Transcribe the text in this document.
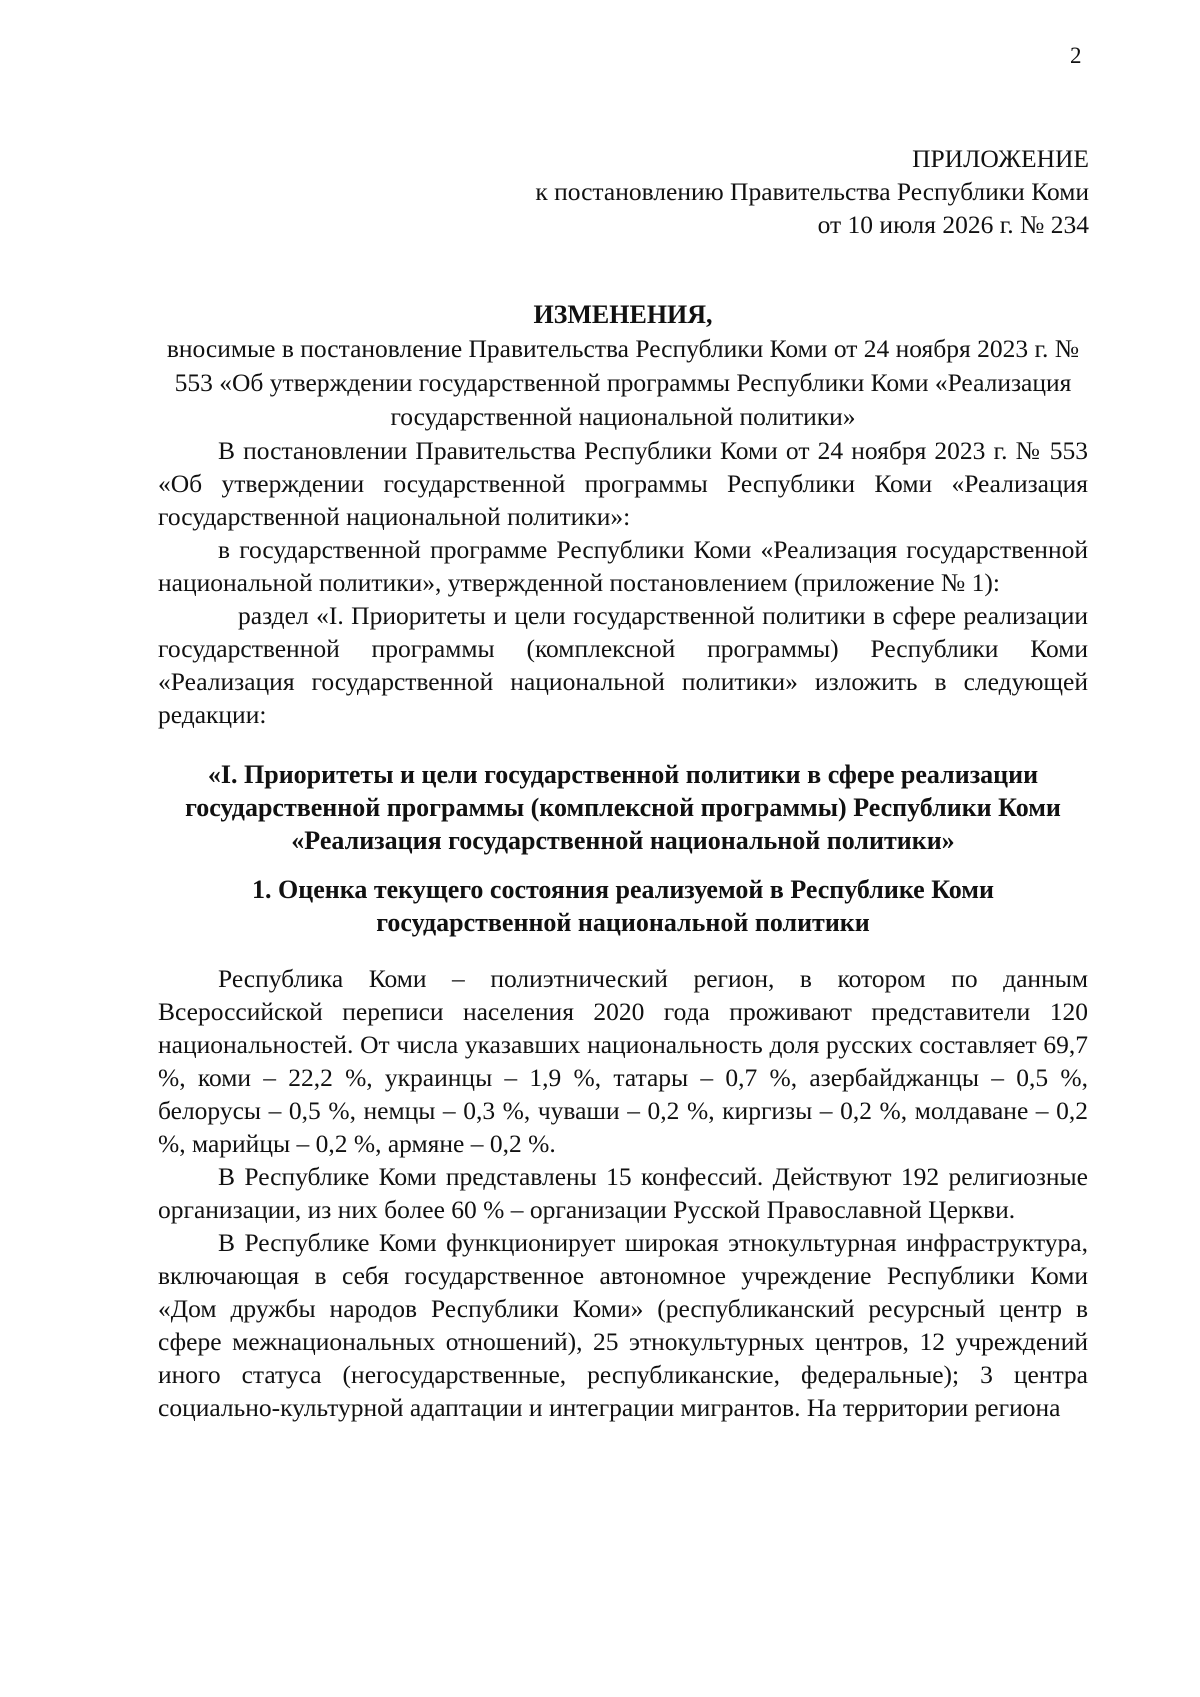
2
ПРИЛОЖЕНИЕ
к постановлению Правительства Республики Коми
от 10 июля 2026 г. № 234

ИЗМЕНЕНИЯ,

вносимые в постановление Правительства Республики Коми от 24 ноября 2023 г. № 553 «Об утверждении государственной программы Республики Коми «Реализация государственной национальной политики»

В постановлении Правительства Республики Коми от 24 ноября 2023 г. № 553 «Об утверждении государственной программы Республики Коми «Реализация государственной национальной политики»:

в государственной программе Республики Коми «Реализация государственной национальной политики», утвержденной постановлением (приложение № 1):

раздел «I. Приоритеты и цели государственной политики в сфере реализации государственной программы (комплексной программы) Республики Коми «Реализация государственной национальной политики» изложить в следующей редакции:

«I. Приоритеты и цели государственной политики в сфере реализации государственной программы (комплексной программы) Республики Коми «Реализация государственной национальной политики»

1. Оценка текущего состояния реализуемой в Республике Коми государственной национальной политики

Республика Коми – полиэтнический регион, в котором по данным Всероссийской переписи населения 2020 года проживают представители 120 национальностей. От числа указавших национальность доля русских составляет 69,7 %, коми – 22,2 %, украинцы – 1,9 %, татары – 0,7 %, азербайджанцы – 0,5 %, белорусы – 0,5 %, немцы – 0,3 %, чуваши – 0,2 %, киргизы – 0,2 %, молдаване – 0,2 %, марийцы – 0,2 %, армяне – 0,2 %.

В Республике Коми представлены 15 конфессий. Действуют 192 религиозные организации, из них более 60 % – организации Русской Православной Церкви.

В Республике Коми функционирует широкая этнокультурная инфраструктура, включающая в себя государственное автономное учреждение Республики Коми «Дом дружбы народов Республики Коми» (республиканский ресурсный центр в сфере межнациональных отношений), 25 этнокультурных центров, 12 учреждений иного статуса (негосударственные, республиканские, федеральные); 3 центра социально-культурной адаптации и интеграции мигрантов. На территории региона
